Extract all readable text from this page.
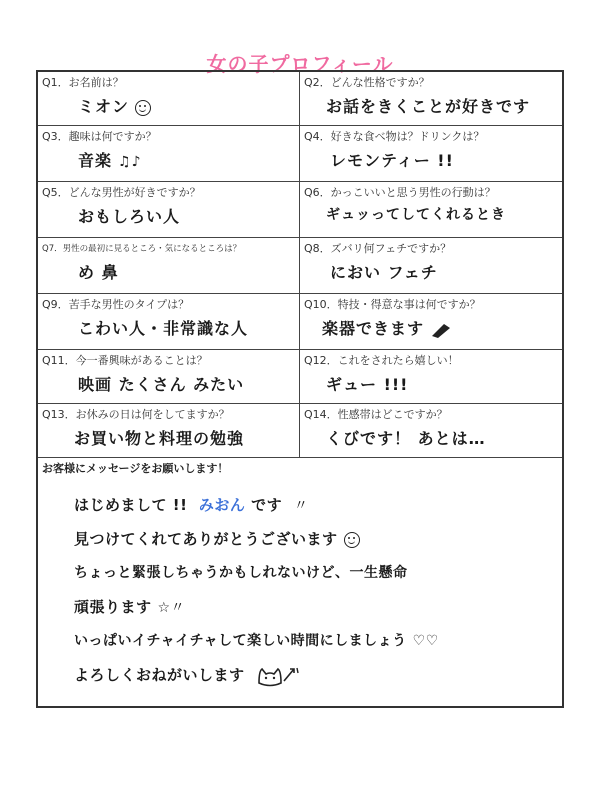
女の子プロフィール
Q1．お名前は？
ミオン
Q2．どんな性格ですか？
お話をきくことが好きです
Q3．趣味は何ですか？
音楽 ♫♪
Q4．好きな食べ物は？ドリンクは？
レモンティー !!
Q5．どんな男性が好きですか？
おもしろい人
Q6．かっこいいと思う男性の行動は？
ギュッってしてくれるとき
Q7．男性の最初に見るところ・気になるところは？
め 鼻
Q8．ズバリ何フェチですか？
におい フェチ
Q9．苦手な男性のタイプは？
こわい人・非常識な人
Q10．特技・得意な事は何ですか？
楽器できます
Q11．今一番興味があることは？
映画 たくさん みたい
Q12．これをされたら嬉しい！
ギュー !!!
Q13．お休みの日は何をしてますか？
お買い物と料理の勉強
Q14．性感帯はどこですか？
くびです！ あとは…
お客様にメッセージをお願いします！
はじめまして !! みおん です 〃
見つけてくれてありがとうございます
ちょっと緊張しちゃうかもしれないけど、一生懸命
頑張ります ☆〃
いっぱいイチャイチャして楽しい時間にしましょう ♡♡
よろしくおねがいします
